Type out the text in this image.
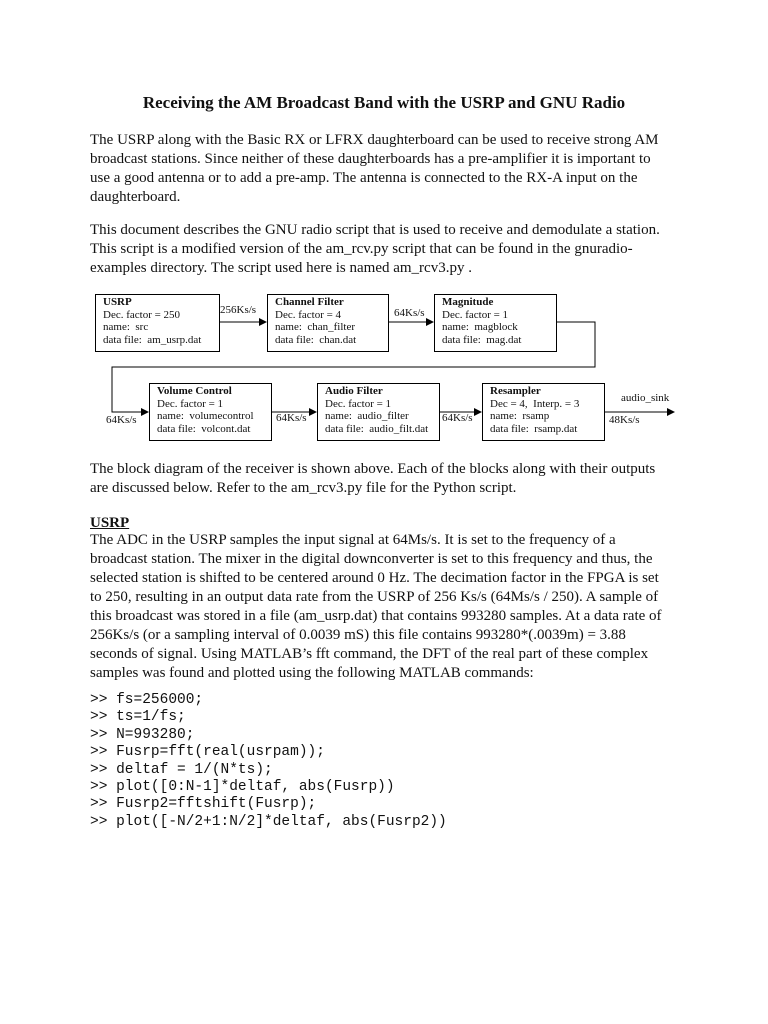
Receiving the AM Broadcast Band with the USRP and GNU Radio

The USRP along with the Basic RX or LFRX daughterboard can be used to receive strong AM
broadcast stations. Since neither of these daughterboards has a pre-amplifier it is important to
use a good antenna or to add a pre-amp. The antenna is connected to the RX-A input on the
daughterboard.

This document describes the GNU radio script that is used to receive and demodulate a station.
This script is a modified version of the am_rcv.py script that can be found in the gnuradio-
examples directory. The script used here is named am_rcv3.py .

USRP
Dec. factor = 250
name:  src
data file:  am_usrp.dat
Channel Filter
Dec. factor = 4
name:  chan_filter
data file:  chan.dat
Magnitude
Dec. factor = 1
name:  magblock
data file:  mag.dat
Volume Control
Dec. factor = 1
name:  volumecontrol
data file:  volcont.dat
Audio Filter
Dec. factor = 1
name:  audio_filter
data file:  audio_filt.dat
Resampler
Dec = 4,  Interp. = 3
name:  rsamp
data file:  rsamp.dat
256Ks/s	64Ks/s
64Ks/s	64Ks/s	64Ks/s	48Ks/s
audio_sink

The block diagram of the receiver is shown above. Each of the blocks along with their outputs
are discussed below. Refer to the am_rcv3.py file for the Python script.

USRP

The ADC in the USRP samples the input signal at 64Ms/s. It is set to the frequency of a
broadcast station. The mixer in the digital downconverter is set to this frequency and thus, the
selected station is shifted to be centered around 0 Hz. The decimation factor in the FPGA is set
to 250, resulting in an output data rate from the USRP of 256 Ks/s (64Ms/s / 250). A sample of
this broadcast was stored in a file (am_usrp.dat) that contains 993280 samples. At a data rate of
256Ks/s (or a sampling interval of 0.0039 mS) this file contains 993280*(.0039m) = 3.88
seconds of signal. Using MATLAB’s fft command, the DFT of the real part of these complex
samples was found and plotted using the following MATLAB commands:

>> fs=256000;
>> ts=1/fs;
>> N=993280;
>> Fusrp=fft(real(usrpam));
>> deltaf = 1/(N*ts);
>> plot([0:N-1]*deltaf, abs(Fusrp))
>> Fusrp2=fftshift(Fusrp);
>> plot([-N/2+1:N/2]*deltaf, abs(Fusrp2))
